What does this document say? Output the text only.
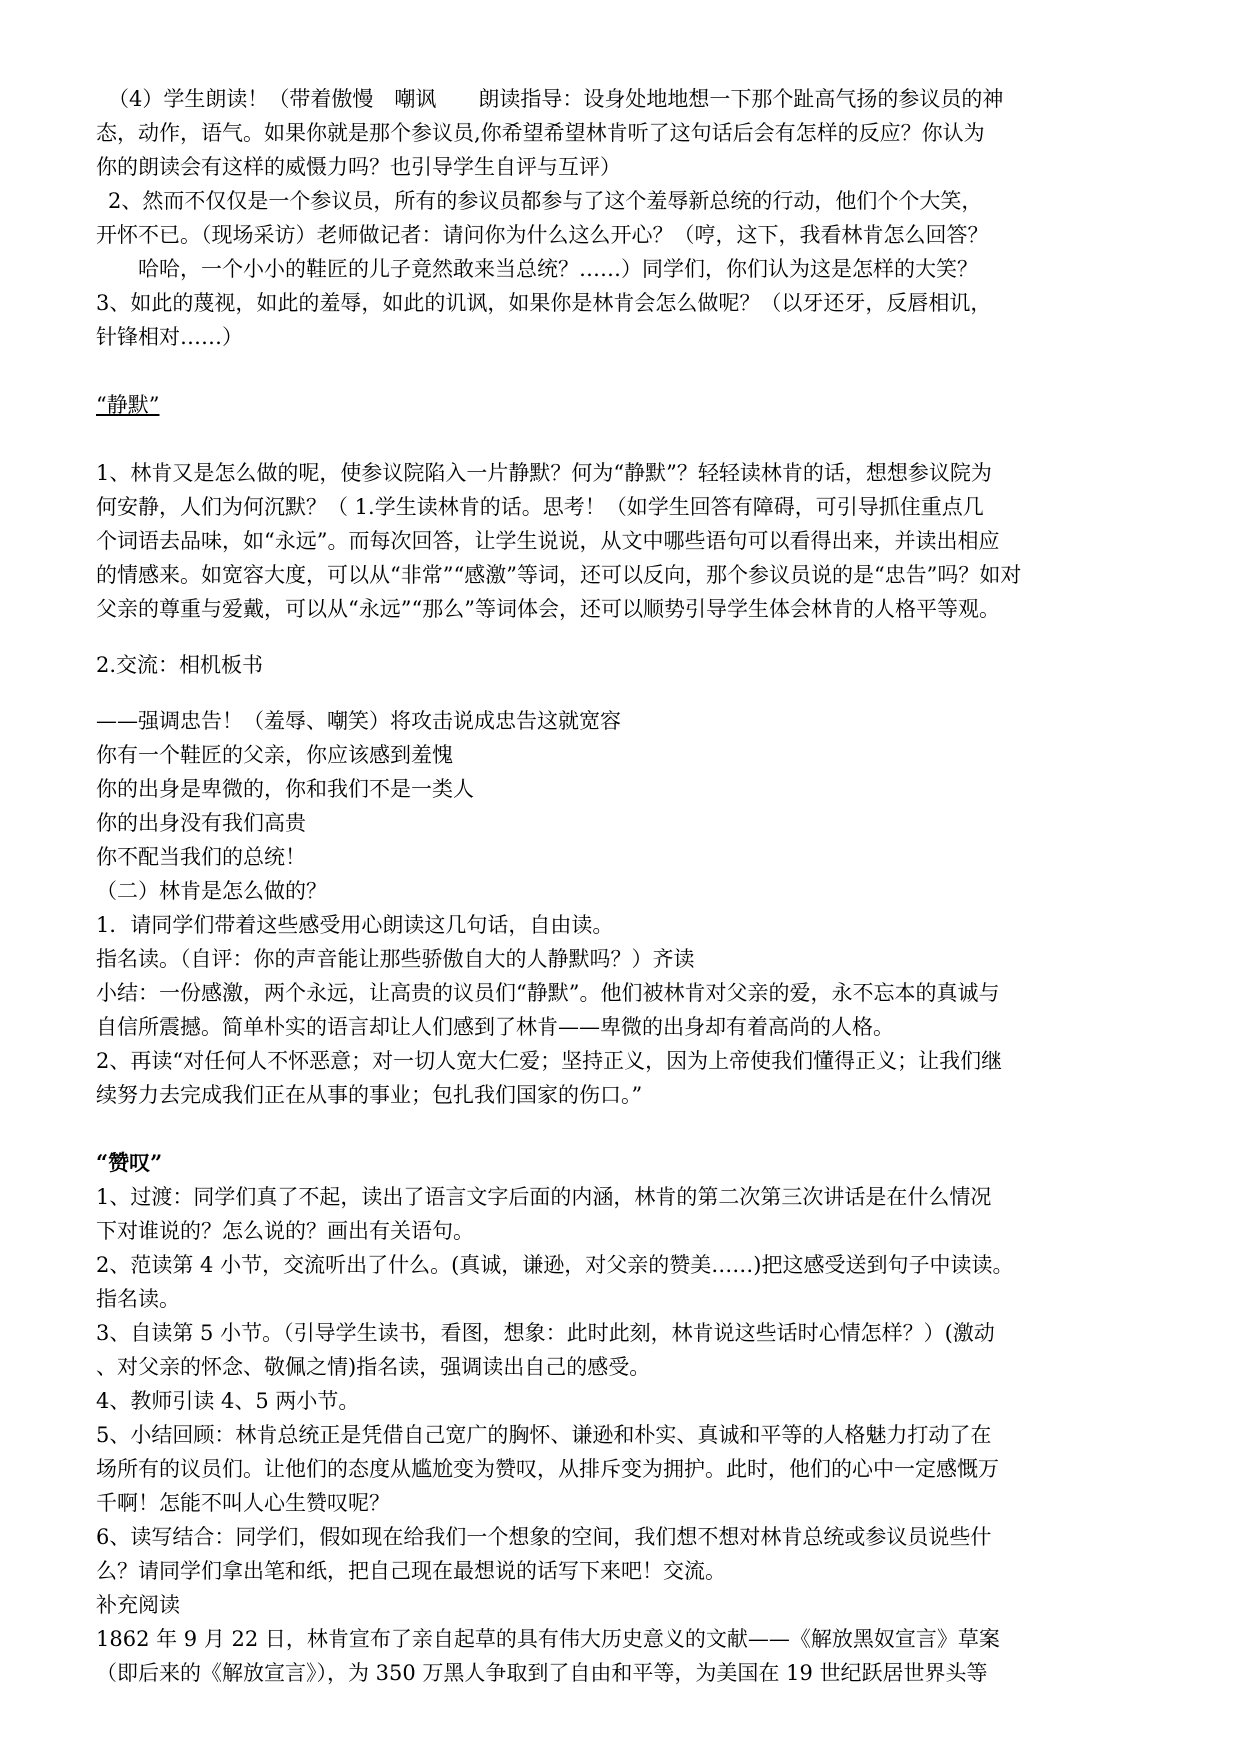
（4）学生朗读！（带着傲慢　嘲讽　　朗读指导：设身处地地想一下那个趾高气扬的参议员的神
态，动作，语气。如果你就是那个参议员,你希望希望林肯听了这句话后会有怎样的反应？你认为
你的朗读会有这样的威慑力吗？也引导学生自评与互评）
2、然而不仅仅是一个参议员，所有的参议员都参与了这个羞辱新总统的行动，他们个个大笑，
开怀不已。（现场采访）老师做记者：请问你为什么这么开心？（哼，这下，我看林肯怎么回答？
哈哈，一个小小的鞋匠的儿子竟然敢来当总统？……）同学们，你们认为这是怎样的大笑？
3、如此的蔑视，如此的羞辱，如此的讥讽，如果你是林肯会怎么做呢？（以牙还牙，反唇相讥，
针锋相对……）

“静默”

1、林肯又是怎么做的呢，使参议院陷入一片静默？何为“静默”？轻轻读林肯的话，想想参议院为
何安静，人们为何沉默？（ 1.学生读林肯的话。思考！（如学生回答有障碍，可引导抓住重点几
个词语去品味，如“永远”。而每次回答，让学生说说，从文中哪些语句可以看得出来，并读出相应
的情感来。如宽容大度，可以从“非常”“感激”等词，还可以反向，那个参议员说的是“忠告”吗？如对
父亲的尊重与爱戴，可以从“永远”“那么”等词体会，还可以顺势引导学生体会林肯的人格平等观。

2.交流：相机板书

——强调忠告！（羞辱、嘲笑）将攻击说成忠告这就宽容
你有一个鞋匠的父亲，你应该感到羞愧
你的出身是卑微的，你和我们不是一类人
你的出身没有我们高贵
你不配当我们的总统！
（二）林肯是怎么做的？
1．请同学们带着这些感受用心朗读这几句话，自由读。
指名读。（自评：你的声音能让那些骄傲自大的人静默吗？）齐读
小结：一份感激，两个永远，让高贵的议员们“静默”。他们被林肯对父亲的爱，永不忘本的真诚与
自信所震撼。简单朴实的语言却让人们感到了林肯——卑微的出身却有着高尚的人格。
2、再读“对任何人不怀恶意；对一切人宽大仁爱；坚持正义，因为上帝使我们懂得正义；让我们继
续努力去完成我们正在从事的事业；包扎我们国家的伤口。”

“赞叹”

1、过渡：同学们真了不起，读出了语言文字后面的内涵，林肯的第二次第三次讲话是在什么情况
下对谁说的？怎么说的？画出有关语句。
2、范读第 4 小节，交流听出了什么。(真诚，谦逊，对父亲的赞美……)把这感受送到句子中读读。
指名读。
3、自读第 5 小节。（引导学生读书，看图，想象：此时此刻，林肯说这些话时心情怎样？）(激动
、对父亲的怀念、敬佩之情)指名读，强调读出自己的感受。
4、教师引读 4、5 两小节。
5、小结回顾：林肯总统正是凭借自己宽广的胸怀、谦逊和朴实、真诚和平等的人格魅力打动了在
场所有的议员们。让他们的态度从尴尬变为赞叹，从排斥变为拥护。此时，他们的心中一定感慨万
千啊！怎能不叫人心生赞叹呢？
6、读写结合：同学们，假如现在给我们一个想象的空间，我们想不想对林肯总统或参议员说些什
么？请同学们拿出笔和纸，把自己现在最想说的话写下来吧！交流。
补充阅读
1862 年 9 月 22 日，林肯宣布了亲自起草的具有伟大历史意义的文献——《解放黑奴宣言》草案
（即后来的《解放宣言》），为 350 万黑人争取到了自由和平等，为美国在 19 世纪跃居世界头等
